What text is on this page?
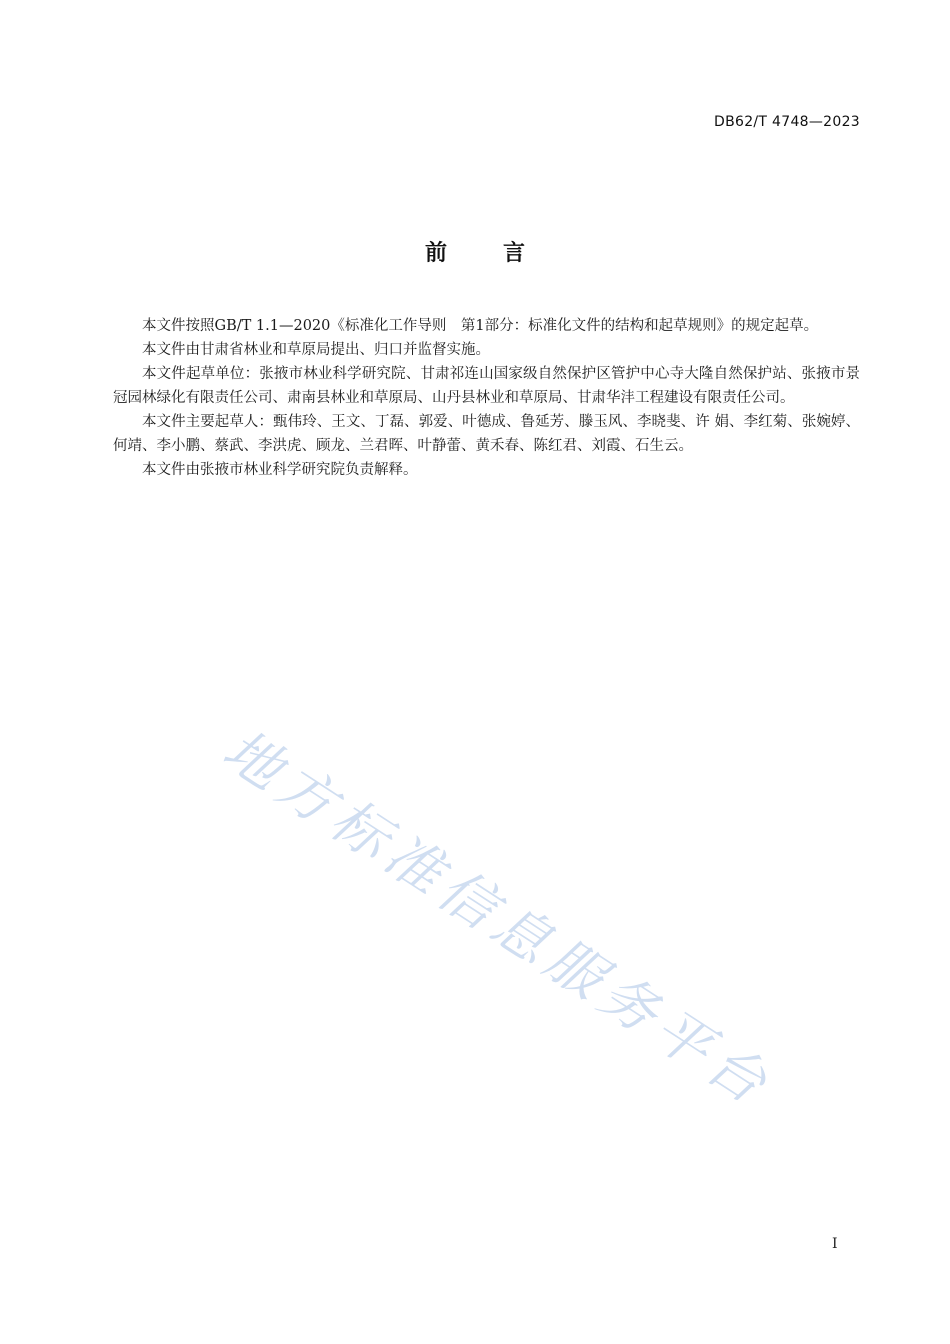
DB62/T 4748—2023
前言

本文件按照GB/T 1.1—2020《标准化工作导则　第1部分：标准化文件的结构和起草规则》的规定起草。

本文件由甘肃省林业和草原局提出、归口并监督实施。

本文件起草单位：张掖市林业科学研究院、甘肃祁连山国家级自然保护区管护中心寺大隆自然保护站、张掖市景冠园林绿化有限责任公司、肃南县林业和草原局、山丹县林业和草原局、甘肃华沣工程建设有限责任公司。

本文件主要起草人：甄伟玲、王文、丁磊、郭爱、叶德成、鲁延芳、滕玉风、李晓斐、许 娟、李红菊、张婉婷、何靖、李小鹏、蔡武、李洪虎、顾龙、兰君晖、叶静蕾、黄禾春、陈红君、刘霞、石生云。

本文件由张掖市林业科学研究院负责解释。

地方标准信息服务平台
I
